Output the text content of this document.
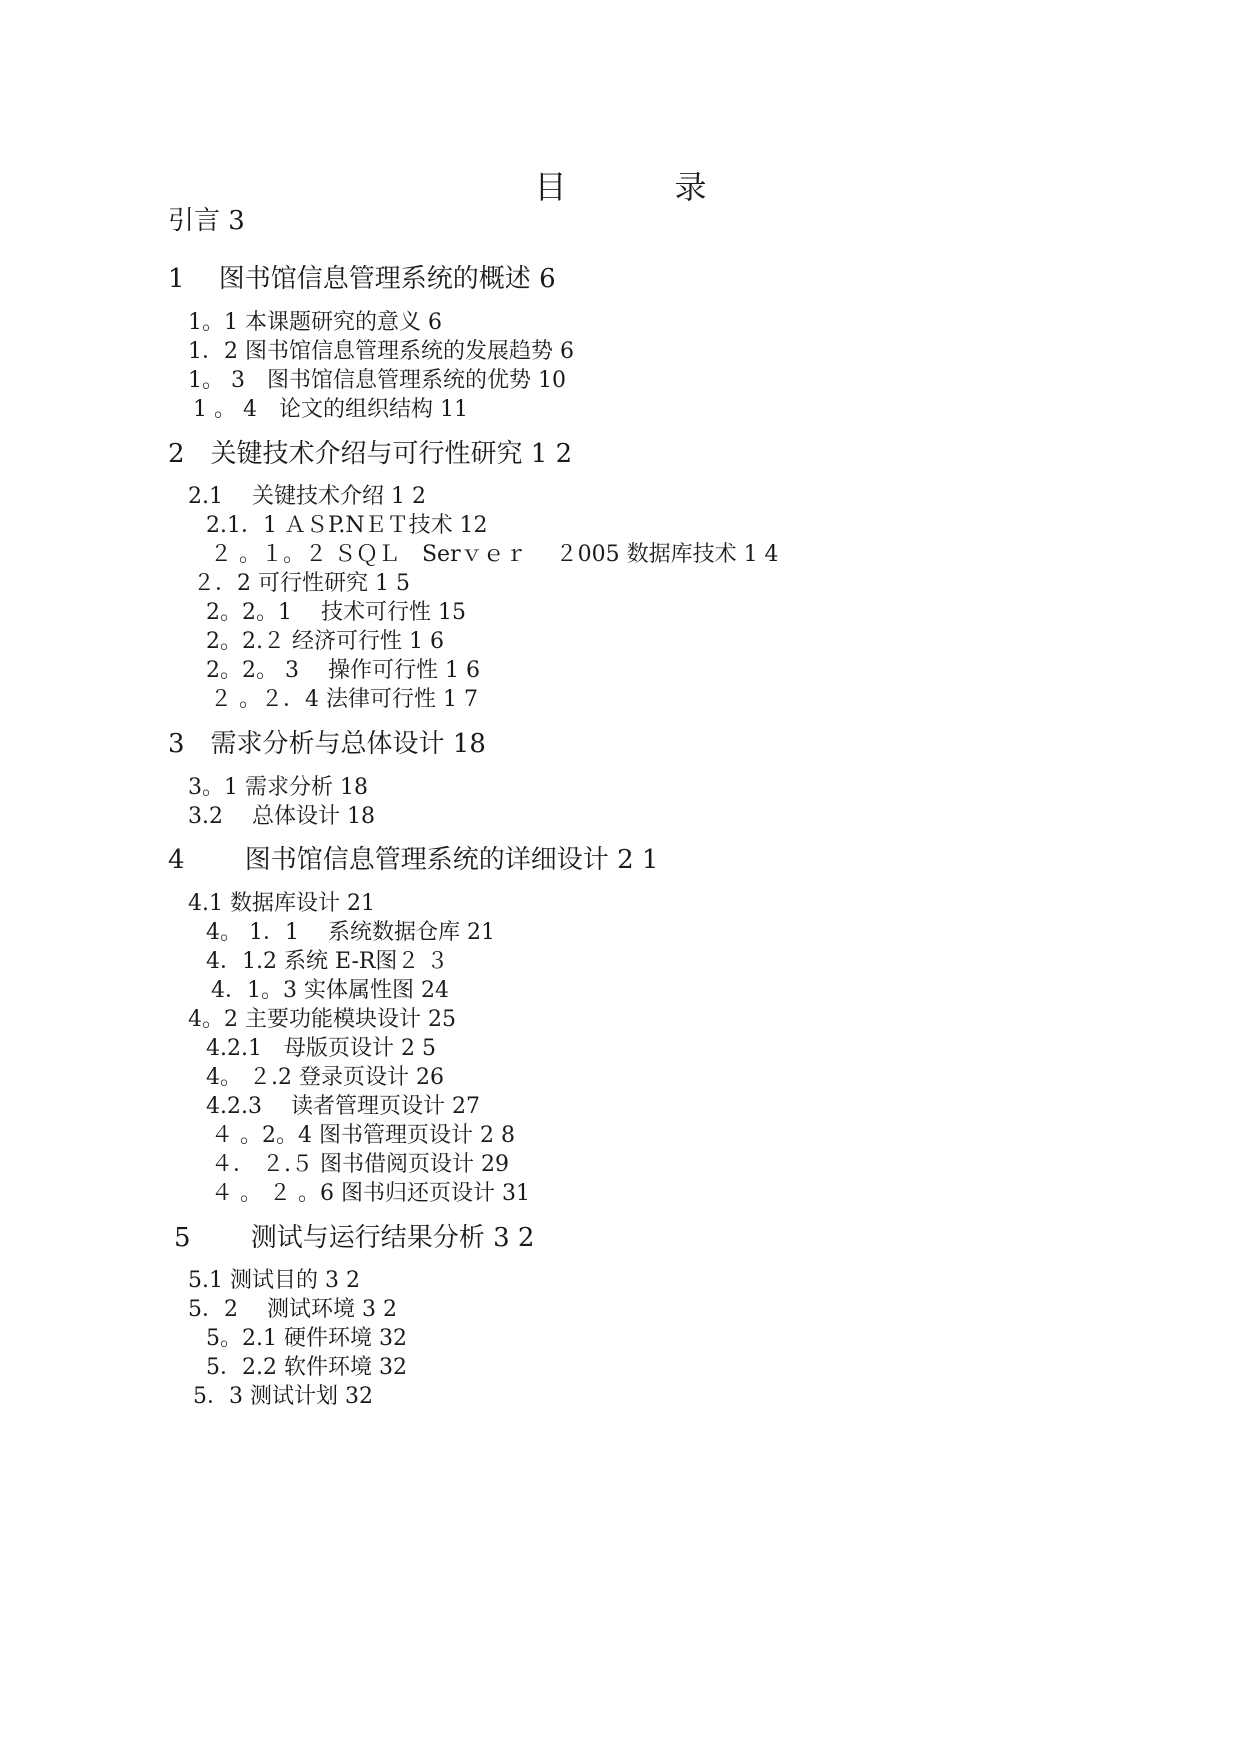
目　录
引言 3
1　 图书馆信息管理系统的概述 6
1。1 本课题研究的意义 6
1．2 图书馆信息管理系统的发展趋势 6
1。 3　图书馆信息管理系统的优势 10
1 。 4　论文的组织结构 11
2　关键技术介绍与可行性研究 1 2
2.1　 关键技术介绍 1 2
2.1．1 ＡＳP.NＥＴ技术 12
２ 。１。２ ＳＱＬ　Serｖｅｒ　 ２005 数据库技术 1 4
２．2 可行性研究 1 5
2。2。1　 技术可行性 15
2。2.２ 经济可行性 1 6
2。2。 3　 操作可行性 1 6
２ 。２．4 法律可行性 1 7
3　需求分析与总体设计 18
3。1 需求分析 18
3.2　 总体设计 18
4　　 图书馆信息管理系统的详细设计 2 1
4.1 数据库设计 21
4。 1．1　 系统数据仓库 21
4．1.2 系统 E-R图２ ３
4．1。3 实体属性图 24
4。2 主要功能模块设计 25
4.2.1　母版页设计 2 5
4。 ２.2 登录页设计 26
4.2.3　 读者管理页设计 27
４ 。2。4 图书管理页设计 2 8
４． ２.５ 图书借阅页设计 29
４ 。 ２ 。6 图书归还页设计 31
5　　 测试与运行结果分析 3 2
5.1 测试目的 3 2
5．2　 测试环境 3 2
5。2.1 硬件环境 32
5．2.2 软件环境 32
5．3 测试计划 32
